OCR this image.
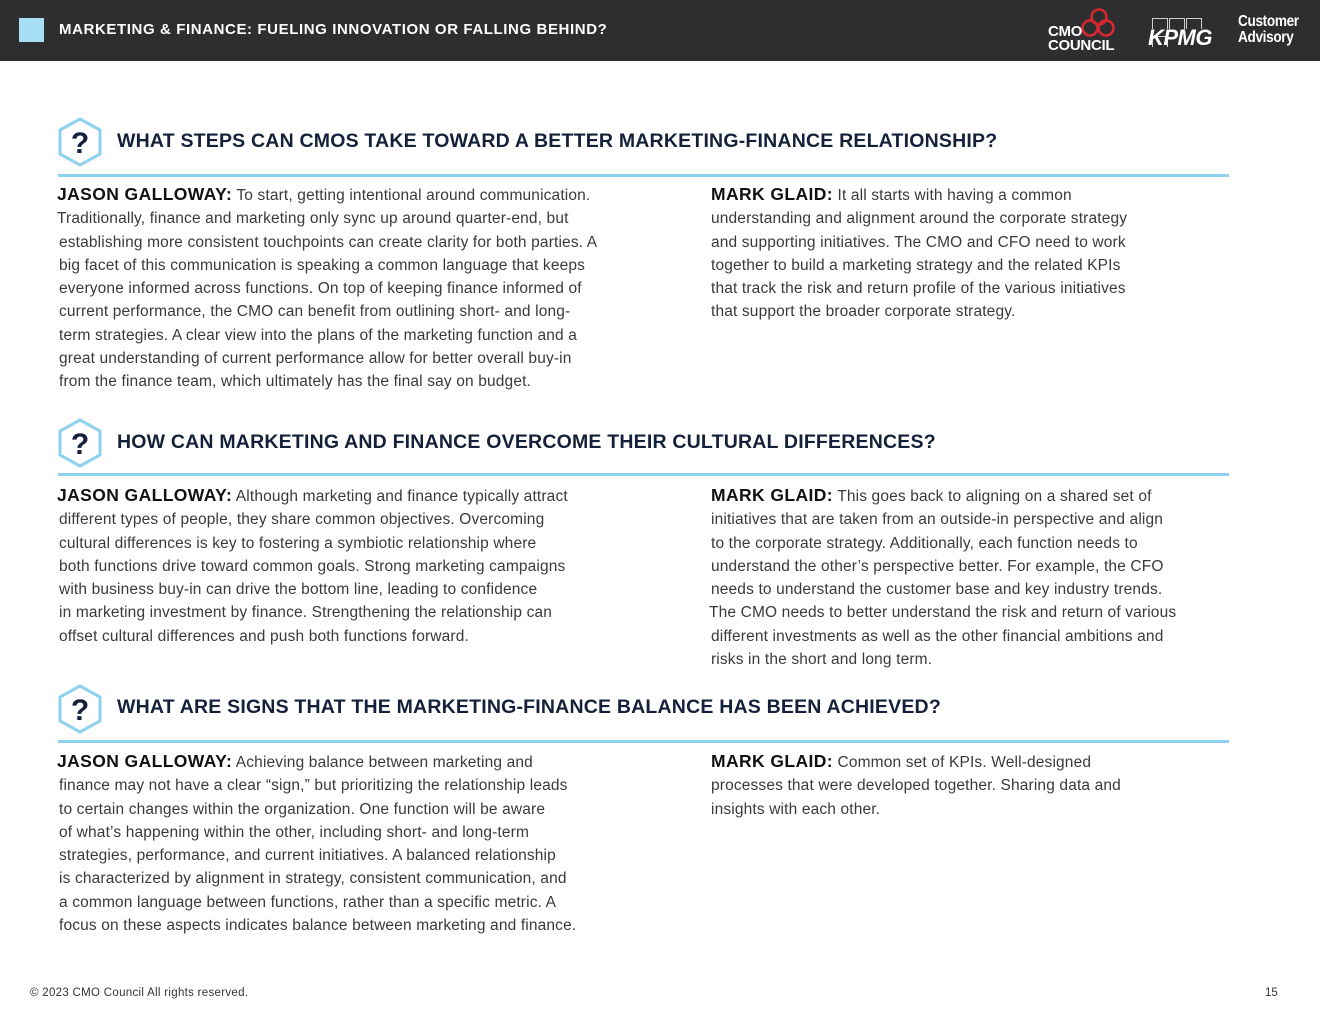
MARKETING & FINANCE: FUELING INNOVATION OR FALLING BEHIND?	CMO
COUNCIL KPMG
Customer
Advisory
? WHAT STEPS CAN CMOS TAKE TOWARD A BETTER MARKETING-FINANCE RELATIONSHIP?
JASON GALLOWAY: To start, getting intentional around communication.
Traditionally, finance and marketing only sync up around quarter-end, but
establishing more consistent touchpoints can create clarity for both parties. A
big facet of this communication is speaking a common language that keeps
everyone informed across functions. On top of keeping finance informed of
current performance, the CMO can benefit from outlining short- and long-
term strategies. A clear view into the plans of the marketing function and a
great understanding of current performance allow for better overall buy-in
from the finance team, which ultimately has the final say on budget.
MARK GLAID: It all starts with having a common
understanding and alignment around the corporate strategy
and supporting initiatives. The CMO and CFO need to work
together to build a marketing strategy and the related KPIs
that track the risk and return profile of the various initiatives
that support the broader corporate strategy.
? HOW CAN MARKETING AND FINANCE OVERCOME THEIR CULTURAL DIFFERENCES?
JASON GALLOWAY: Although marketing and finance typically attract
different types of people, they share common objectives. Overcoming
cultural differences is key to fostering a symbiotic relationship where
both functions drive toward common goals. Strong marketing campaigns
with business buy-in can drive the bottom line, leading to confidence
in marketing investment by finance. Strengthening the relationship can
offset cultural differences and push both functions forward.
MARK GLAID: This goes back to aligning on a shared set of
initiatives that are taken from an outside-in perspective and align
to the corporate strategy. Additionally, each function needs to
understand the other’s perspective better. For example, the CFO
needs to understand the customer base and key industry trends.
The CMO needs to better understand the risk and return of various
different investments as well as the other financial ambitions and
risks in the short and long term.
? WHAT ARE SIGNS THAT THE MARKETING-FINANCE BALANCE HAS BEEN ACHIEVED?
JASON GALLOWAY: Achieving balance between marketing and
finance may not have a clear “sign,” but prioritizing the relationship leads
to certain changes within the organization. One function will be aware
of what’s happening within the other, including short- and long-term
strategies, performance, and current initiatives. A balanced relationship
is characterized by alignment in strategy, consistent communication, and
a common language between functions, rather than a specific metric. A
focus on these aspects indicates balance between marketing and finance.
MARK GLAID: Common set of KPIs. Well-designed
processes that were developed together. Sharing data and
insights with each other.
© 2023 CMO Council All rights reserved.	15
